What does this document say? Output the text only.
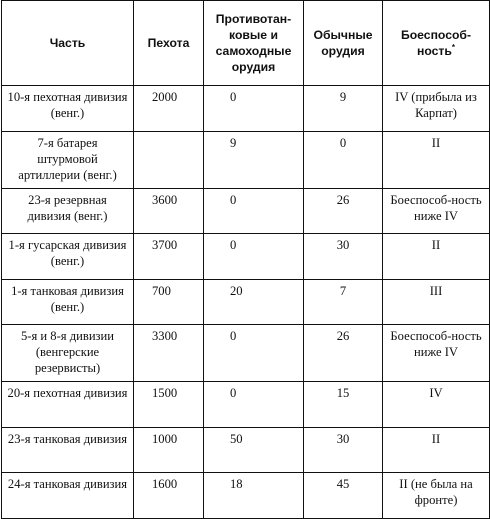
Часть	Пехота	Противотан-ковые и самоходные орудия	Обычные орудия	Боеспособ-ность*
10-я пехотная дивизия (венг.)	2000	0	9	IV (прибыла из Карпат)
7-я батарея штурмовой артиллерии (венг.)		9	0	II
23-я резервная дивизия (венг.)	3600	0	26	Боеспособ-ность ниже IV
1-я гусарская дивизия (венг.)	3700	0	30	II
1-я танковая дивизия (венг.)	700	20	7	III
5-я и 8-я дивизии (венгерские резервисты)	3300	0	26	Боеспособ-ность ниже IV
20-я пехотная дивизия	1500	0	15	IV
23-я танковая дивизия	1000	50	30	II
24-я танковая дивизия	1600	18	45	II (не была на фронте)
